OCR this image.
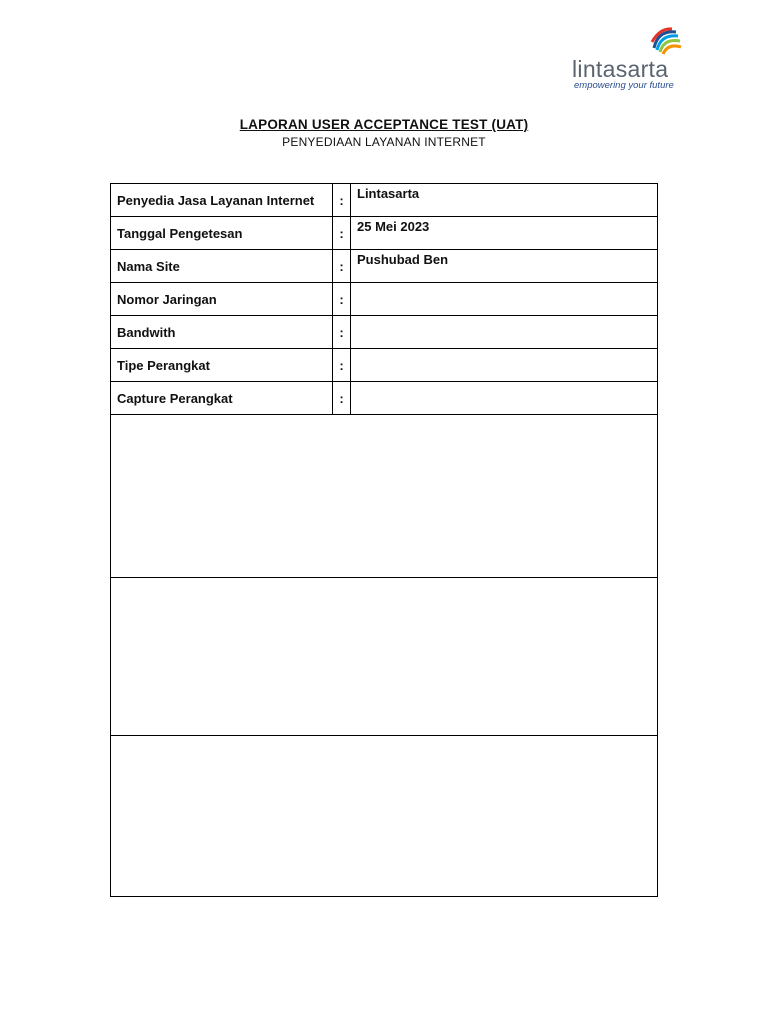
lintasarta
empowering your future
LAPORAN USER ACCEPTANCE TEST (UAT)
PENYEDIAAN LAYANAN INTERNET
Penyedia Jasa Layanan Internet	:	Lintasarta
Tanggal Pengetesan	:	25 Mei 2023
Nama Site	:	Pushubad Ben
Nomor Jaringan	:	
Bandwith	:	
Tipe Perangkat	:	
Capture Perangkat	:	
